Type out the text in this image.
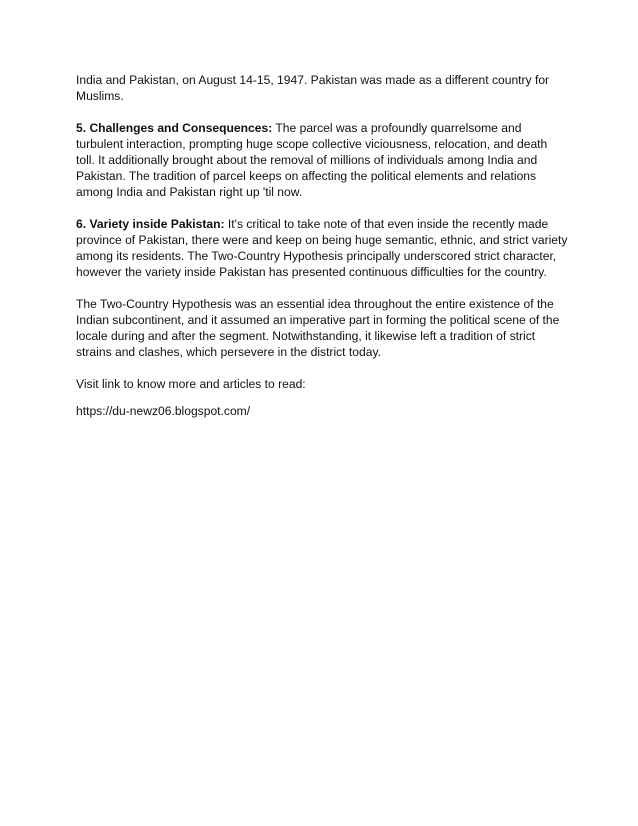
India and Pakistan, on August 14-15, 1947. Pakistan was made as a different country for Muslims.

5. Challenges and Consequences: The parcel was a profoundly quarrelsome and turbulent interaction, prompting huge scope collective viciousness, relocation, and death toll. It additionally brought about the removal of millions of individuals among India and Pakistan. The tradition of parcel keeps on affecting the political elements and relations among India and Pakistan right up 'til now.

6. Variety inside Pakistan: It's critical to take note of that even inside the recently made province of Pakistan, there were and keep on being huge semantic, ethnic, and strict variety among its residents. The Two-Country Hypothesis principally underscored strict character, however the variety inside Pakistan has presented continuous difficulties for the country.

The Two-Country Hypothesis was an essential idea throughout the entire existence of the Indian subcontinent, and it assumed an imperative part in forming the political scene of the locale during and after the segment. Notwithstanding, it likewise left a tradition of strict strains and clashes, which persevere in the district today.

Visit link to know more and articles to read:

https://du-newz06.blogspot.com/
